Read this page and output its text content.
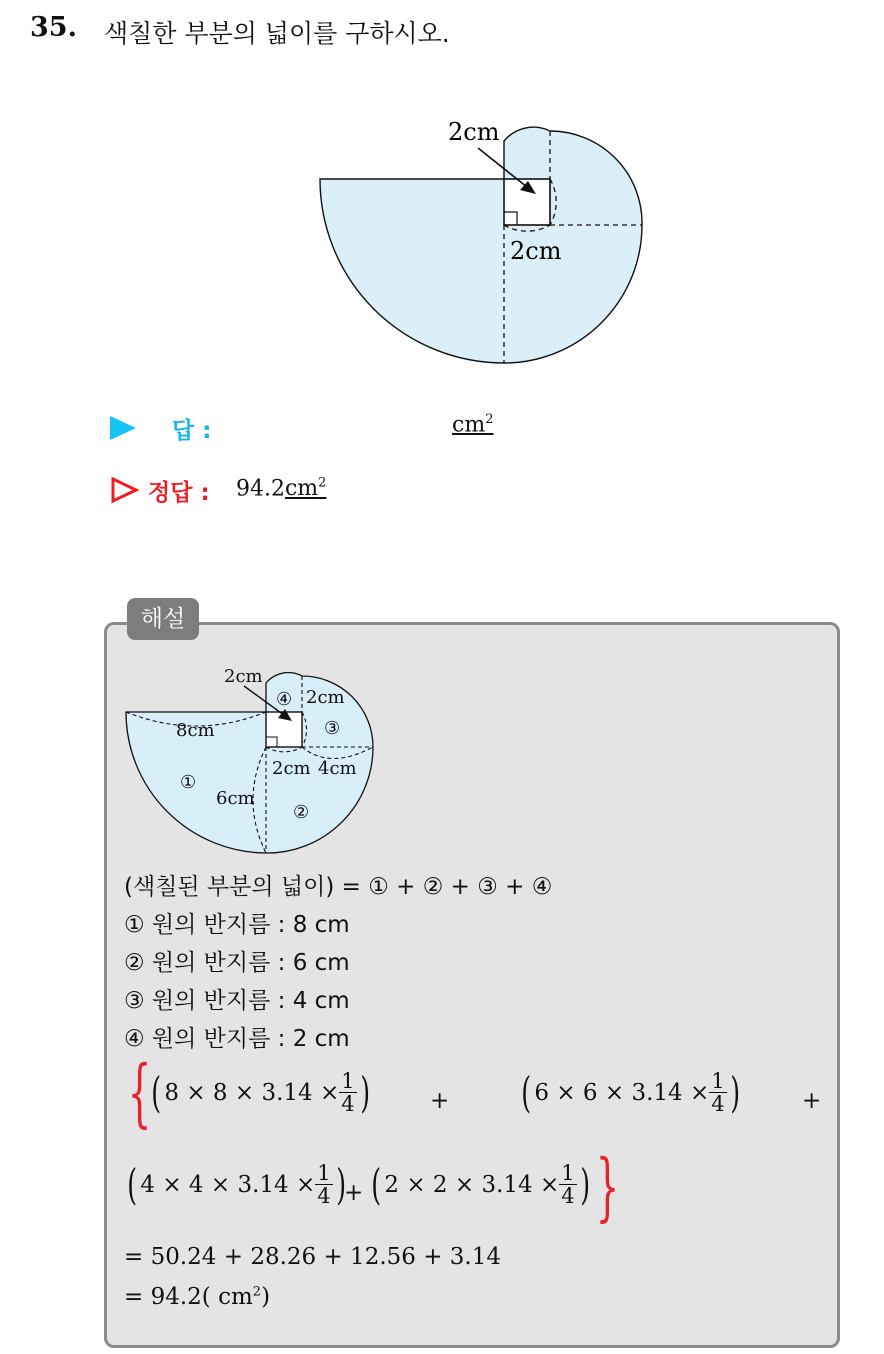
35. 색칠한 부분의 넓이를 구하시오.
2cm
2cm
답 :	$cm^2$
정답 : $94.2cm^2$
해설
2cm
④ 2cm
③
8cm
2cm 4cm
①
6cm
②
(색칠된 부분의 넓이) = ① + ② + ③ + ④
① 원의 반지름 : 8 cm
② 원의 반지름 : 6 cm
③ 원의 반지름 : 4 cm
④ 원의 반지름 : 2 cm
{ ( $8 \times 8 \times 3.14 \times \frac{1}{4}$ )	+ ( $6 \times 6 \times 3.14 \times \frac{1}{4}$ )	+
( $4 \times 4 \times 3.14 \times \frac{1}{4}$ )
+ ( $2 \times 2 \times 3.14 \times \frac{1}{4}$ ) }
= 50.24 + 28.26 + 12.56 + 3.14
= 94.2( $cm^2$)
